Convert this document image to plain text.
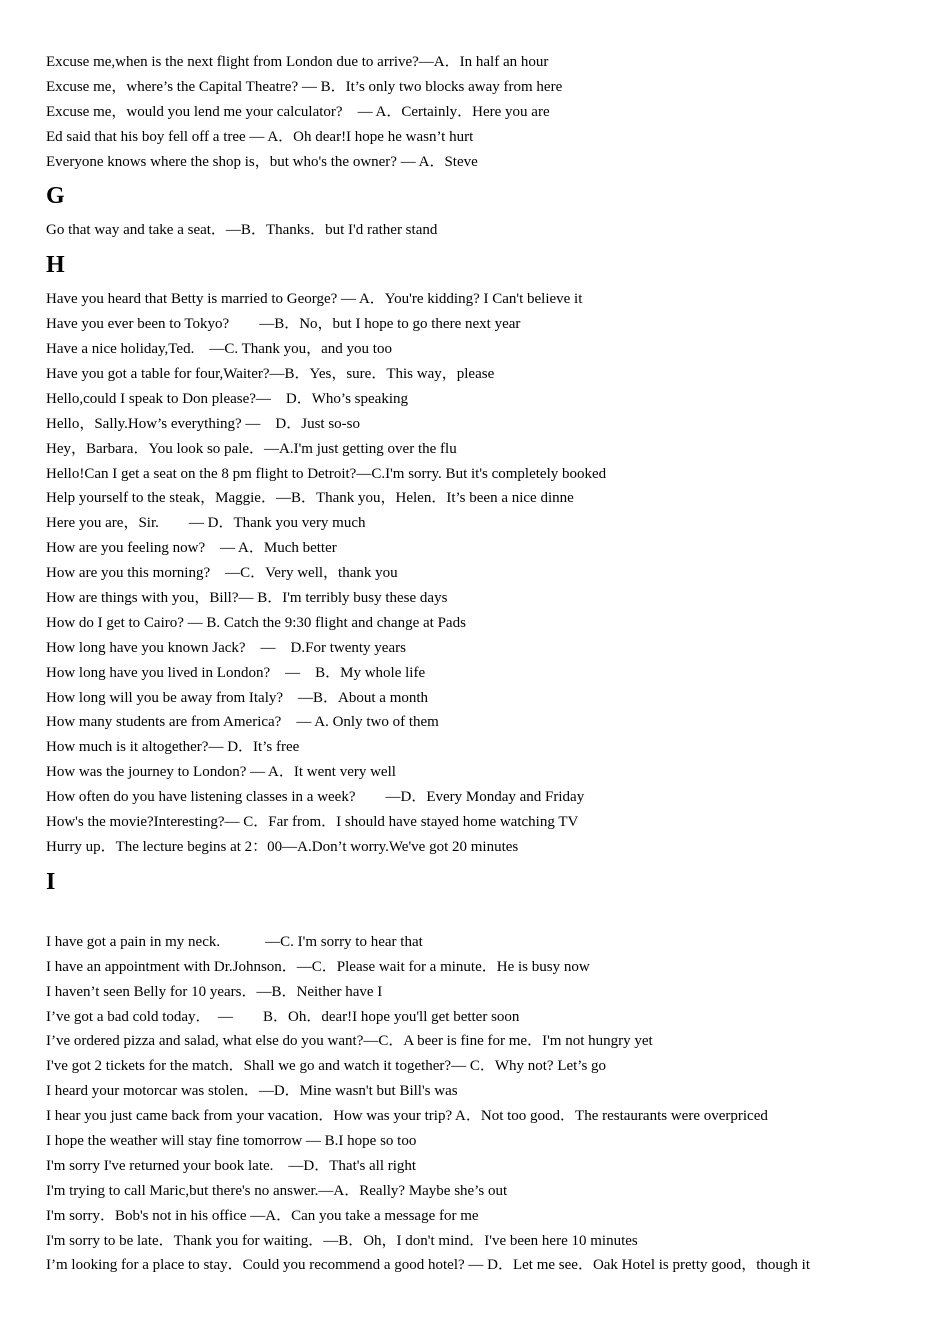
Excuse me,when is the next flight from London due to arrive?—A．In half an hour
Excuse me，where’s the Capital Theatre? — B．It’s only two blocks away from here
Excuse me，would you lend me your calculator?　— A．Certainly．Here you are
Ed said that his boy fell off a tree — A．Oh dear!I hope he wasn’t hurt
Everyone knows where the shop is，but who's the owner? — A．Steve
G
Go that way and take a seat．—B．Thanks．but I'd rather stand
H
Have you heard that Betty is married to George? — A．You're kidding? I Can't believe it
Have you ever been to Tokyo?　　—B．No，but I hope to go there next year
Have a nice holiday,Ted.　—C. Thank you，and you too
Have you got a table for four,Waiter?—B．Yes，sure．This way，please
Hello,could I speak to Don please?—　D．Who’s speaking
Hello，Sally.How’s everything? —　D．Just so-so
Hey，Barbara．You look so pale．—A.I'm just getting over the flu
Hello!Can I get a seat on the 8 pm flight to Detroit?—C.I'm sorry. But it's completely booked
Help yourself to the steak，Maggie．—B．Thank you，Helen．It’s been a nice dinne
Here you are，Sir.　　— D．Thank you very much
How are you feeling now?　— A．Much better
How are you this morning?　—C．Very well，thank you
How are things with you，Bill?— B．I'm terribly busy these days
How do I get to Cairo? — B. Catch the 9:30 flight and change at Pads
How long have you known Jack?　—　D.For twenty years
How long have you lived in London?　—　B．My whole life
How long will you be away from Italy?　—B．About a month
How many students are from America?　— A. Only two of them
How much is it altogether?— D．It’s free
How was the journey to London? — A．It went very well
How often do you have listening classes in a week?　　—D．Every Monday and Friday
How's the movie?Interesting?— C．Far from．I should have stayed home watching TV
Hurry up．The lecture begins at 2：00—A.Don’t worry.We've got 20 minutes
I
I have got a pain in my neck.　　　—C. I'm sorry to hear that
I have an appointment with Dr.Johnson．—C．Please wait for a minute．He is busy now
I haven’t seen Belly for 10 years．—B．Neither have I
I’ve got a bad cold today．　—　　B．Oh．dear!I hope you'll get better soon
I’ve ordered pizza and salad, what else do you want?—C．A beer is fine for me．I'm not hungry yet
I've got 2 tickets for the match．Shall we go and watch it together?— C．Why not? Let’s go
I heard your motorcar was stolen．—D．Mine wasn't but Bill's was
I hear you just came back from your vacation．How was your trip? A．Not too good．The restaurants were overpriced
I hope the weather will stay fine tomorrow — B.I hope so too
I'm sorry I've returned your book late.　—D．That's all right
I'm trying to call Maric,but there's no answer.—A．Really? Maybe she’s out
I'm sorry．Bob's not in his office —A．Can you take a message for me
I'm sorry to be late．Thank you for waiting．—B．Oh，I don't mind．I've been here 10 minutes
I’m looking for a place to stay．Could you recommend a good hotel? — D．Let me see．Oak Hotel is pretty good，though it
